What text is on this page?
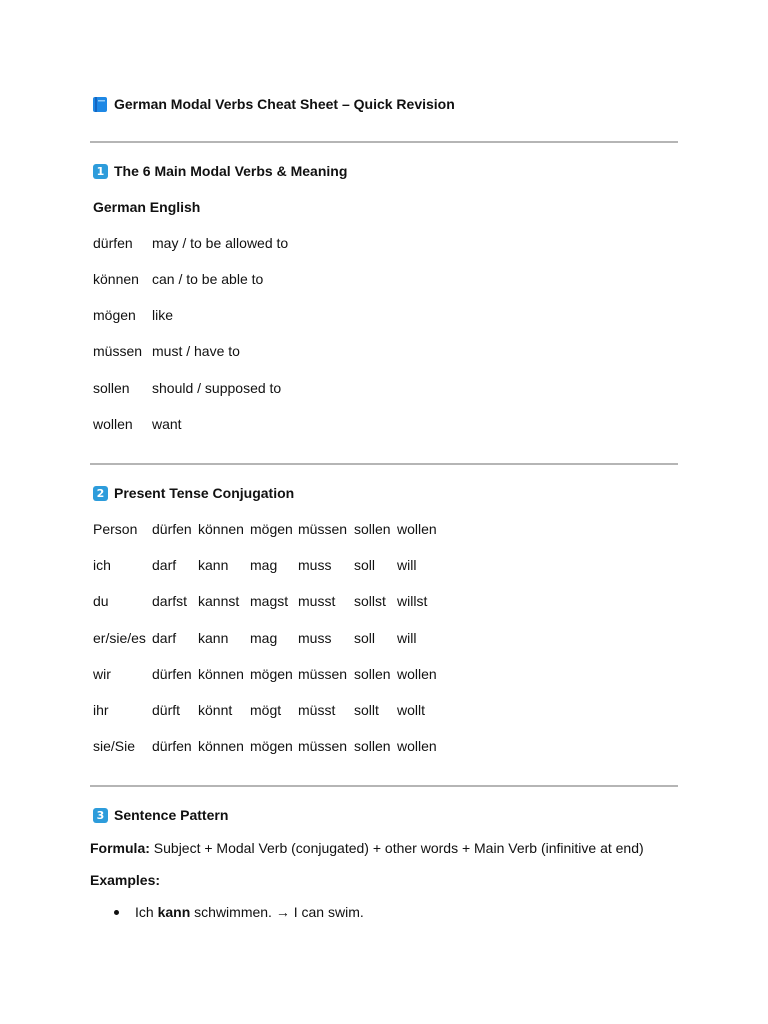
German Modal Verbs Cheat Sheet – Quick Revision
1 The 6 Main Modal Verbs & Meaning
German English
dürfen may / to be allowed to
können can / to be able to
mögen like
müssen must / have to
sollen should / supposed to
wollen want
2 Present Tense Conjugation
Person dürfen können mögen müssen sollen wollen
ich	darf kann mag muss soll will
du	darfst kannst magst musst sollst willst
er/sie/es darf kann mag muss soll will
wir	dürfen können mögen müssen sollen wollen
ihr	dürft könnt mögt müsst sollt wollt
sie/Sie dürfen können mögen müssen sollen wollen
3 Sentence Pattern
Formula: Subject + Modal Verb (conjugated) + other words + Main Verb (infinitive at end)
Examples:
Ich kann schwimmen. → I can swim.
